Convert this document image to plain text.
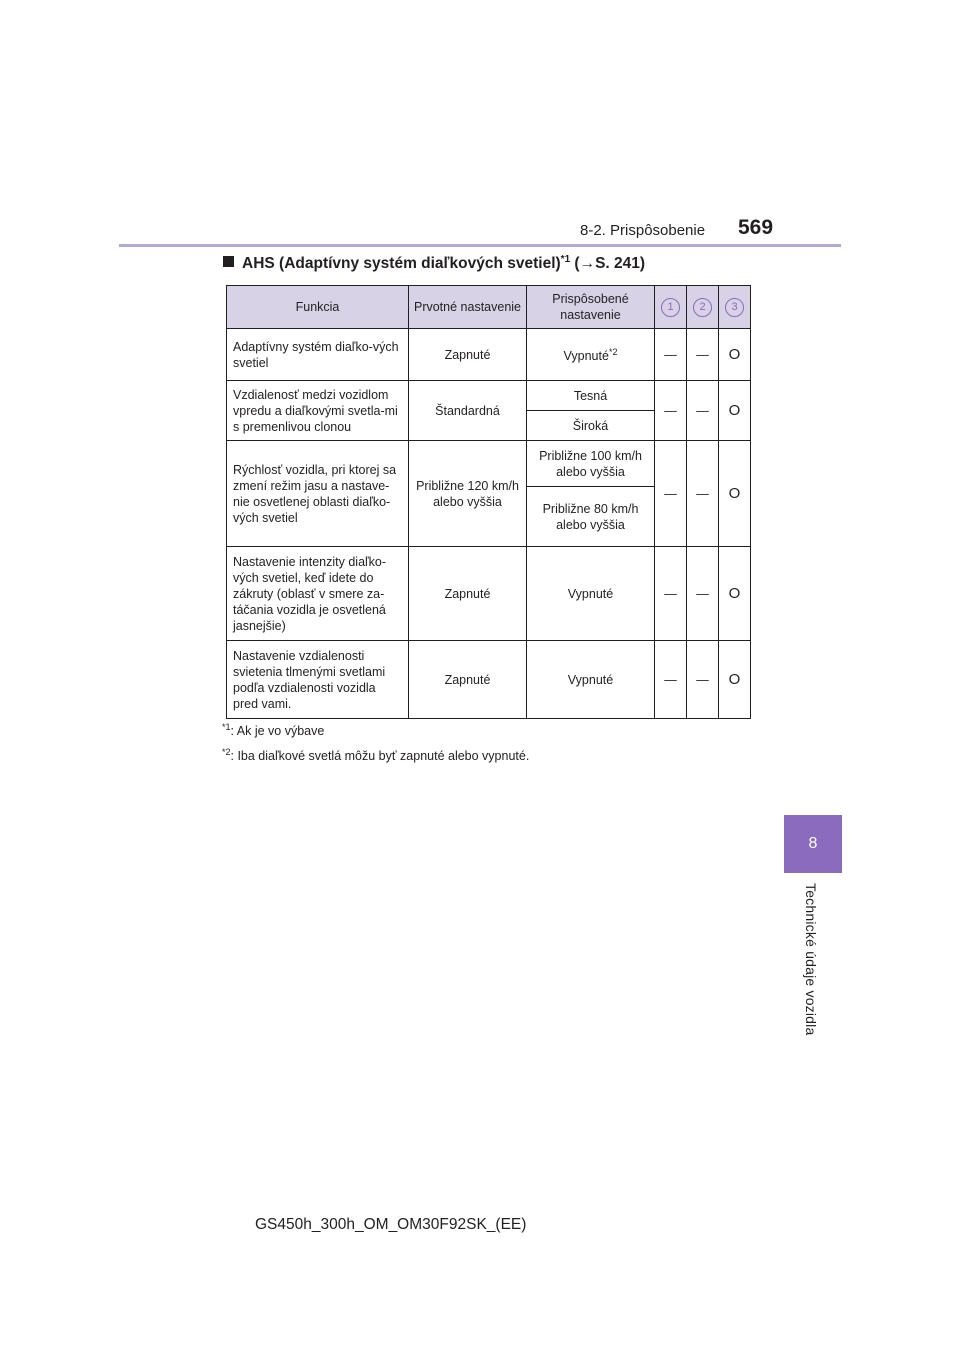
8-2. Prispôsobenie 569
8
Technické údaje vozidla
AHS (Adaptívny systém diaľkových svetiel)$^{*1}$ (→S. 241)
Funkcia	Prvotné nastavenie	Prispôsobené nastavenie	1	2	3
Adaptívny systém diaľko-vých svetiel	Zapnuté	Vypnuté$^{*2}$	—	—	O
Vzdialenosť medzi vozidlom vpredu a diaľkovými svetla-mi s premenlivou clonou	Štandardná	Tesná	—	—	O
		Široká			
Rýchlosť vozidla, pri ktorej sa zmení režim jasu a nastave-nie osvetlenej oblasti diaľko-vých svetiel	Približne 120 km/h alebo vyššia	Približne 100 km/h alebo vyššia	—	—	O
		Približne 80 km/h alebo vyššia			
Nastavenie intenzity diaľko-vých svetiel, keď idete do zákruty (oblasť v smere za-táčania vozidla je osvetlená jasnejšie)	Zapnuté	Vypnuté	—	—	O
Nastavenie vzdialenosti svietenia tlmenými svetlami podľa vzdialenosti vozidla pred vami.	Zapnuté	Vypnuté	—	—	O
$^{*1}$: Ak je vo výbave
$^{*2}$: Iba diaľkové svetlá môžu byť zapnuté alebo vypnuté.
GS450h_300h_OM_OM30F92SK_(EE)
